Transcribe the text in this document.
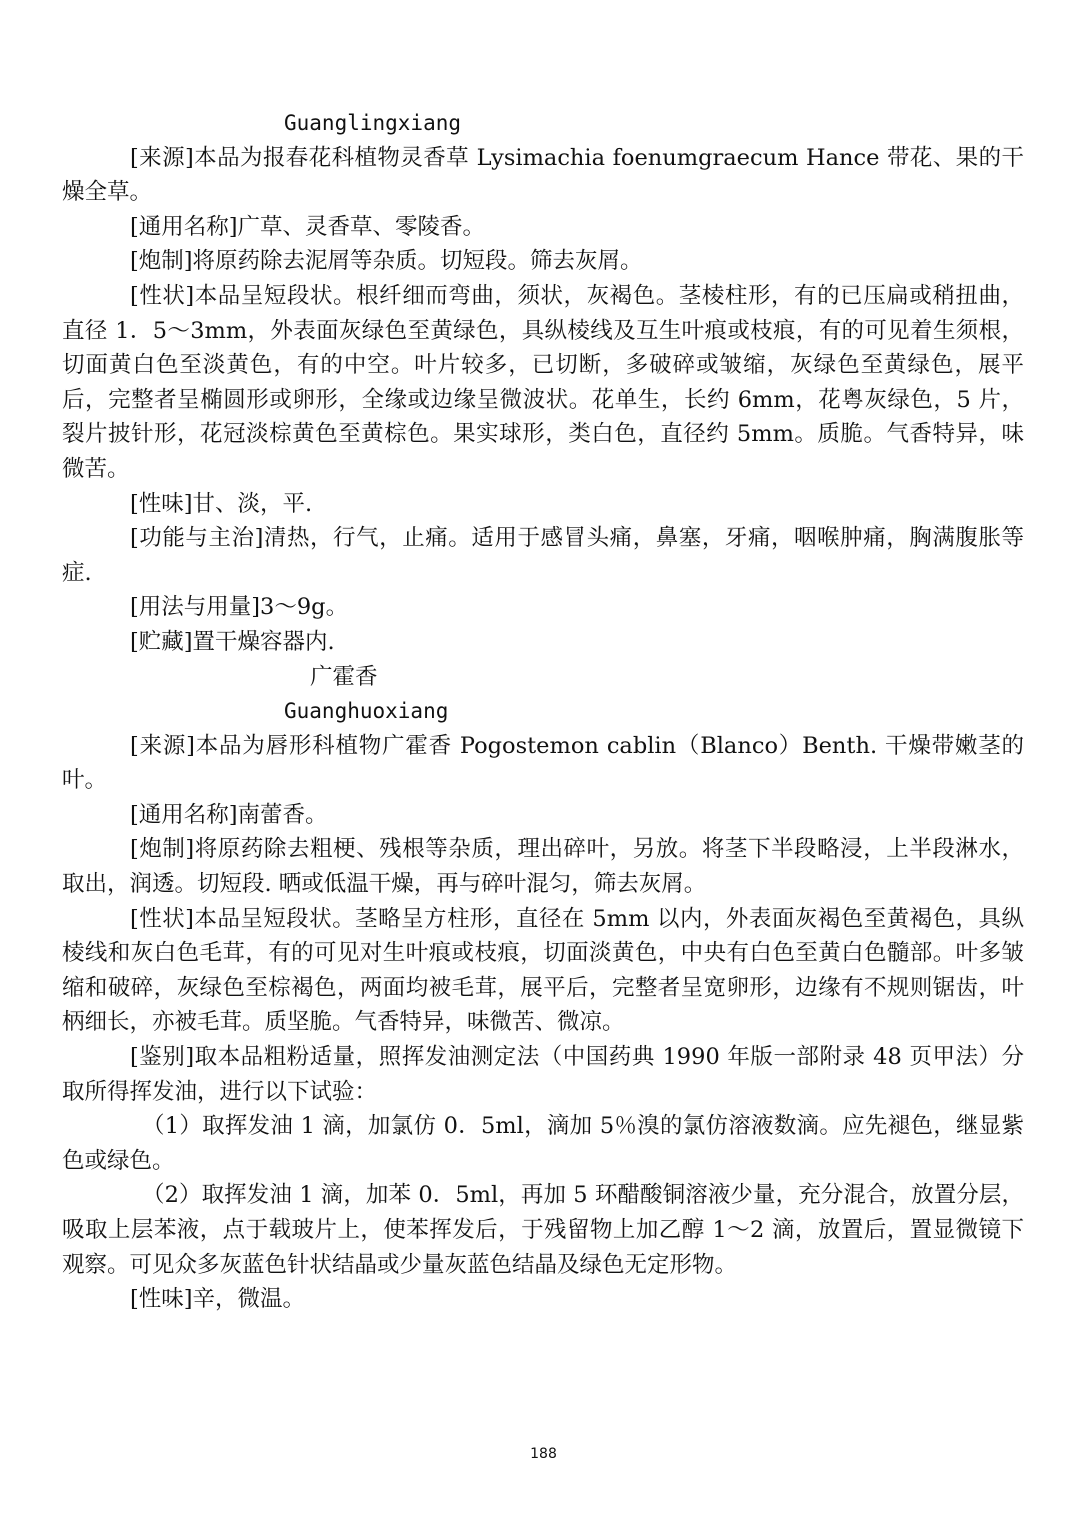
Guanglingxiang

[来源]本品为报春花科植物灵香草 Lysimachia foenumgraecum Hance 带花、果的干燥全草。

[通用名称]广草、灵香草、零陵香。

[炮制]将原药除去泥屑等杂质。切短段。筛去灰屑。

[性状]本品呈短段状。根纤细而弯曲，须状，灰褐色。茎棱柱形，有的已压扁或稍扭曲，直径 1．5～3mm，外表面灰绿色至黄绿色，具纵棱线及互生叶痕或枝痕，有的可见着生须根，切面黄白色至淡黄色，有的中空。叶片较多，已切断，多破碎或皱缩，灰绿色至黄绿色，展平后，完整者呈椭圆形或卵形，全缘或边缘呈微波状。花单生，长约 6mm，花粤灰绿色，5 片，裂片披针形，花冠淡棕黄色至黄棕色。果实球形，类白色，直径约 5mm。质脆。气香特异，味微苦。

[性味]甘、淡，平.

[功能与主治]清热，行气，止痛。适用于感冒头痛，鼻塞，牙痛，咽喉肿痛，胸满腹胀等症.

[用法与用量]3～9g。

[贮藏]置干燥容器内.

广霍香

Guanghuoxiang

[来源]本品为唇形科植物广霍香 Pogostemon cablin（Blanco）Benth. 干燥带嫩茎的叶。

[通用名称]南蕾香。

[炮制]将原药除去粗梗、残根等杂质，理出碎叶，另放。将茎下半段略浸，上半段淋水，取出，润透。切短段. 晒或低温干燥，再与碎叶混匀，筛去灰屑。

[性状]本品呈短段状。茎略呈方柱形，直径在 5mm 以内，外表面灰褐色至黄褐色，具纵棱线和灰白色毛茸，有的可见对生叶痕或枝痕，切面淡黄色，中央有白色至黄白色髓部。叶多皱缩和破碎，灰绿色至棕褐色，两面均被毛茸，展平后，完整者呈宽卵形，边缘有不规则锯齿，叶柄细长，亦被毛茸。质坚脆。气香特异，味微苦、微凉。

[鉴别]取本品粗粉适量，照挥发油测定法（中国药典 1990 年版一部附录 48 页甲法）分取所得挥发油，进行以下试验：

（1）取挥发油 1 滴，加氯仿 0．5ml，滴加 5％溴的氯仿溶液数滴。应先褪色，继显紫色或绿色。

（2）取挥发油 1 滴，加苯 0．5ml，再加 5 环醋酸铜溶液少量，充分混合，放置分层，吸取上层苯液，点于载玻片上，使苯挥发后，于残留物上加乙醇 1～2 滴，放置后，置显微镜下观察。可见众多灰蓝色针状结晶或少量灰蓝色结晶及绿色无定形物。

[性味]辛，微温。

188
